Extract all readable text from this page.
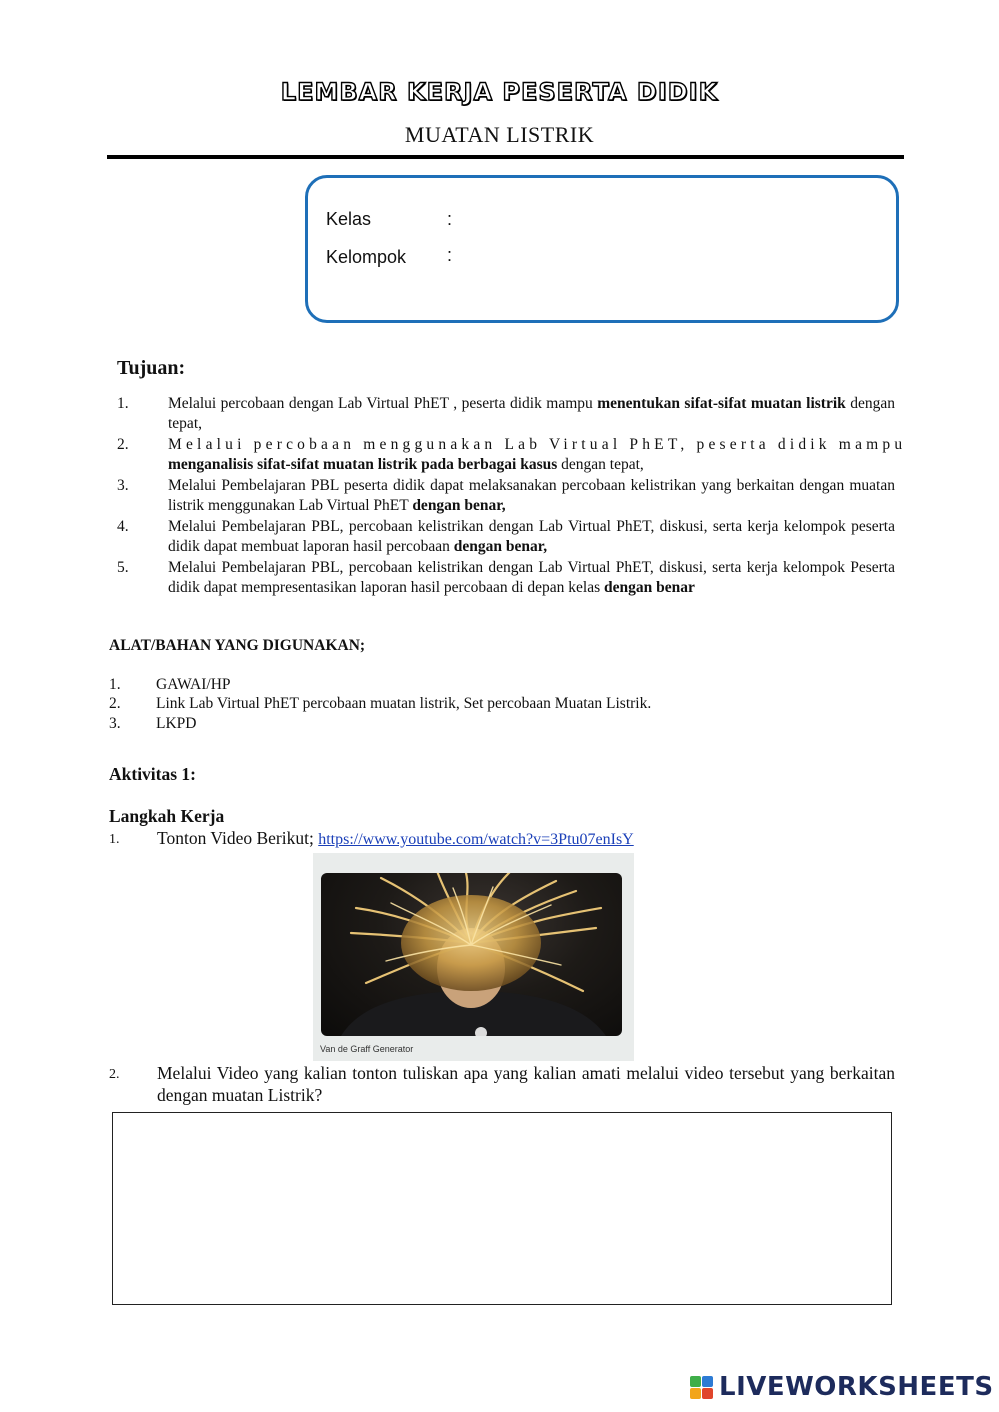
LEMBAR KERJA PESERTA DIDIK
MUATAN LISTRIK
Kelas	:
Kelompok :
Tujuan:
1.	Melalui percobaan dengan Lab Virtual PhET , peserta didik mampu menentukan sifat-sifat muatan listrik dengan tepat,
2.	Melalui percobaan menggunakan Lab Virtual PhET, peserta didik mampu
menganalisis sifat-sifat muatan listrik pada berbagai kasus dengan tepat,
3.	Melalui Pembelajaran PBL peserta didik dapat melaksanakan percobaan kelistrikan yang berkaitan dengan muatan listrik menggunakan Lab Virtual PhET dengan benar,
4.	Melalui Pembelajaran PBL, percobaan kelistrikan dengan Lab Virtual PhET, diskusi, serta kerja kelompok peserta didik dapat membuat laporan hasil percobaan dengan benar,
5.	Melalui Pembelajaran PBL, percobaan kelistrikan dengan Lab Virtual PhET, diskusi, serta kerja kelompok Peserta didik dapat mempresentasikan laporan hasil percobaan di depan kelas dengan benar
ALAT/BAHAN YANG DIGUNAKAN;
1. GAWAI/HP
2. Link Lab Virtual PhET percobaan muatan listrik, Set percobaan Muatan Listrik.
3. LKPD
Aktivitas 1:
Langkah Kerja
1. Tonton Video Berikut; https://www.youtube.com/watch?v=3Ptu07enIsY
Van de Graff Generator
2. Melalui Video yang kalian tonton tuliskan apa yang kalian amati melalui video tersebut yang berkaitan dengan muatan Listrik?
LIVEWORKSHEETS
